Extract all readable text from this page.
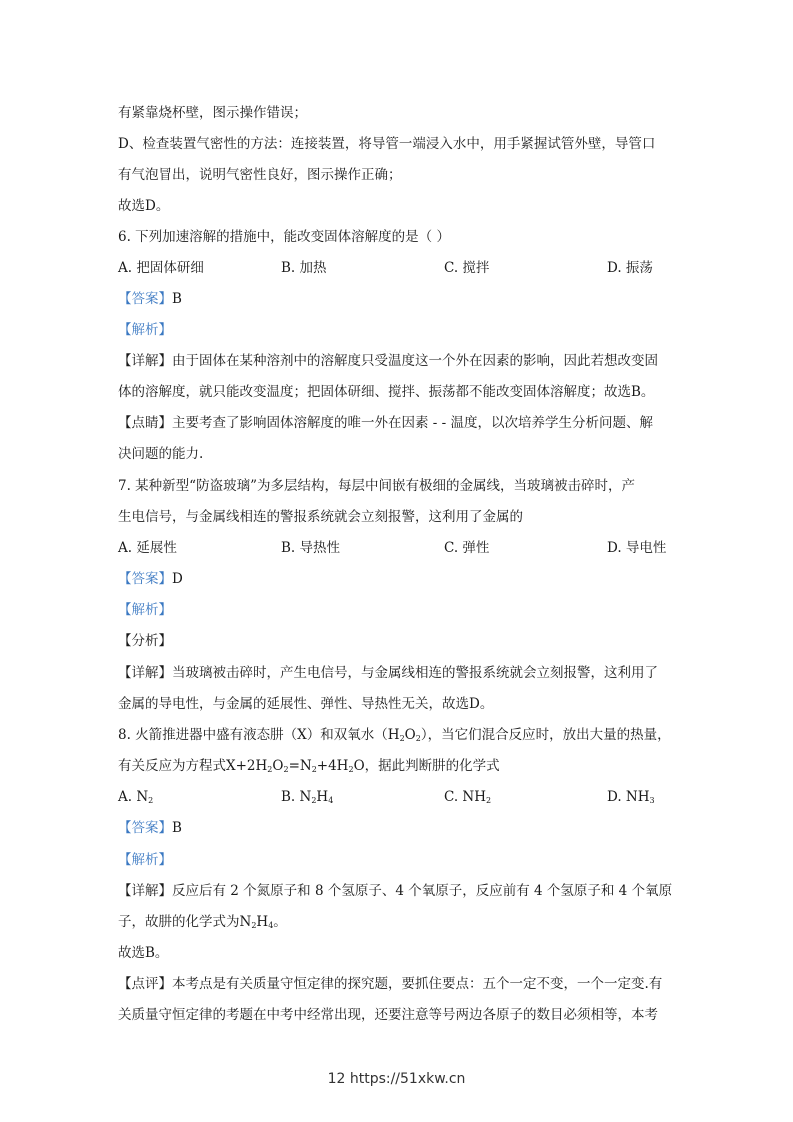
有紧靠烧杯壁，图示操作错误；
D、检查装置气密性的方法：连接装置，将导管一端浸入水中，用手紧握试管外壁，导管口
有气泡冒出，说明气密性良好，图示操作正确；
故选D。
6. 下列加速溶解的措施中，能改变固体溶解度的是（ ）
A. 把固体研细	B. 加热	C. 搅拌	D. 振荡
【答案】B
【解析】
【详解】由于固体在某种溶剂中的溶解度只受温度这一个外在因素的影响，因此若想改变固
体的溶解度，就只能改变温度；把固体研细、搅拌、振荡都不能改变固体溶解度；故选B。
【点睛】主要考查了影响固体溶解度的唯一外在因素 - - 温度，以次培养学生分析问题、解
决问题的能力.
7. 某种新型“防盗玻璃”为多层结构，每层中间嵌有极细的金属线，当玻璃被击碎时，产
生电信号，与金属线相连的警报系统就会立刻报警，这利用了金属的
A. 延展性	B. 导热性	C. 弹性	D. 导电性
【答案】D
【解析】
【分析】
【详解】当玻璃被击碎时，产生电信号，与金属线相连的警报系统就会立刻报警，这利用了
金属的导电性，与金属的延展性、弹性、导热性无关，故选D。
8. 火箭推进器中盛有液态肼（X）和双氧水$(H_2O_2)$，当它们混合反应时，放出大量的热量，
有关反应为方程式$X+2H_2O_2=N_2+4H_2O$，据此判断肼的化学式
A. $N_2$	B. $N_2H_4$	C. $NH_2$	D. $NH_3$
【答案】B
【解析】
【详解】反应后有 2 个氮原子和 8 个氢原子、4 个氧原子，反应前有 4 个氢原子和 4 个氧原
子，故肼的化学式为$N_2H_4$。
故选B。
【点评】本考点是有关质量守恒定律的探究题，要抓住要点：五个一定不变，一个一定变.有
关质量守恒定律的考题在中考中经常出现，还要注意等号两边各原子的数目必须相等，本考
12 https://51xkw.cn
